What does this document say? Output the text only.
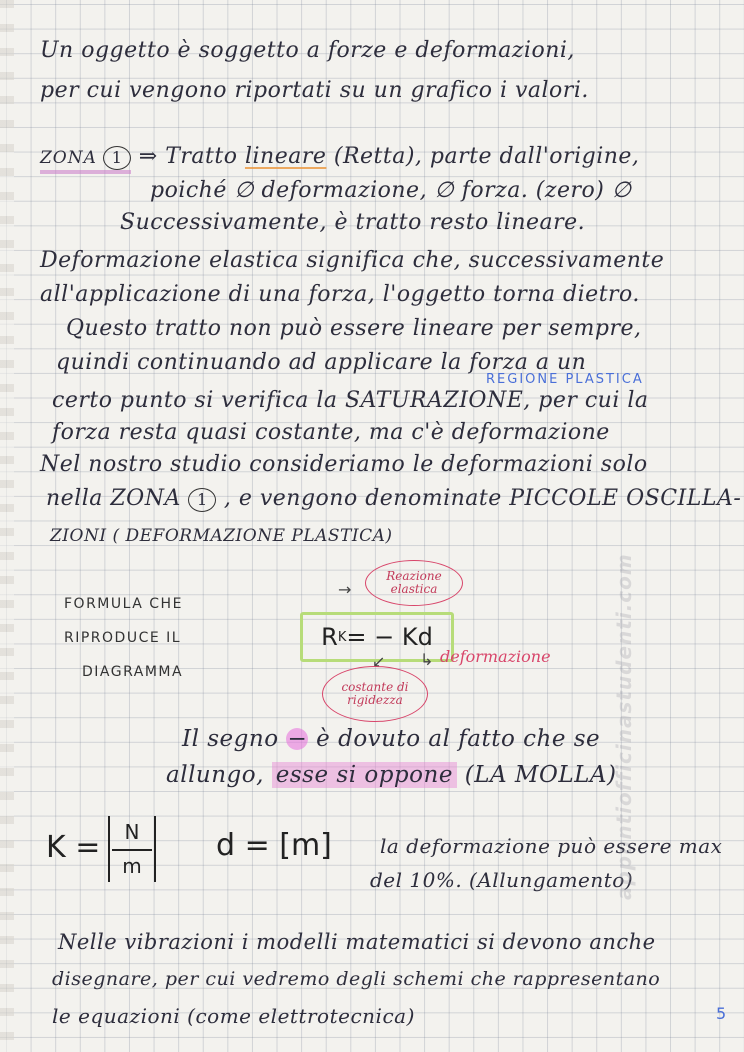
Un oggetto è soggetto a forze e deformazioni,
per cui vengono riportati su un grafico i valori.
ZONA 1 ⇒ Tratto lineare (Retta), parte dall'origine,
poiché ∅ deformazione, ∅ forza. (zero) ∅
Successivamente, è tratto resto lineare.
Deformazione elastica significa che, successivamente
all'applicazione di una forza, l'oggetto torna dietro.
Questo tratto non può essere lineare per sempre,
quindi continuando ad applicare la forza a un
REGIONE PLASTICA
certo punto si verifica la SATURAZIONE, per cui la
forza resta quasi costante, ma c'è deformazione
Nel nostro studio consideriamo le deformazioni solo
nella ZONA 1 , e vengono denominate PICCOLE OSCILLA-
ZIONI ( DEFORMAZIONE PLASTICA)
FORMULA CHE
RIPRODUCE IL
DIAGRAMMA
Reazione elastica
→
R K = − Kd
↳ deformazione
↙
costante di rigidezza
Il segno − è dovuto al fatto che se
allungo, esse si oppone (LA MOLLA)
K =	N
m
d = [m] la deformazione può essere max
del 10%. (Allungamento)
Nelle vibrazioni i modelli matematici si devono anche
disegnare, per cui vedremo degli schemi che rappresentano
le equazioni (come elettrotecnica)
appuntiofficinastudenti.com
5
